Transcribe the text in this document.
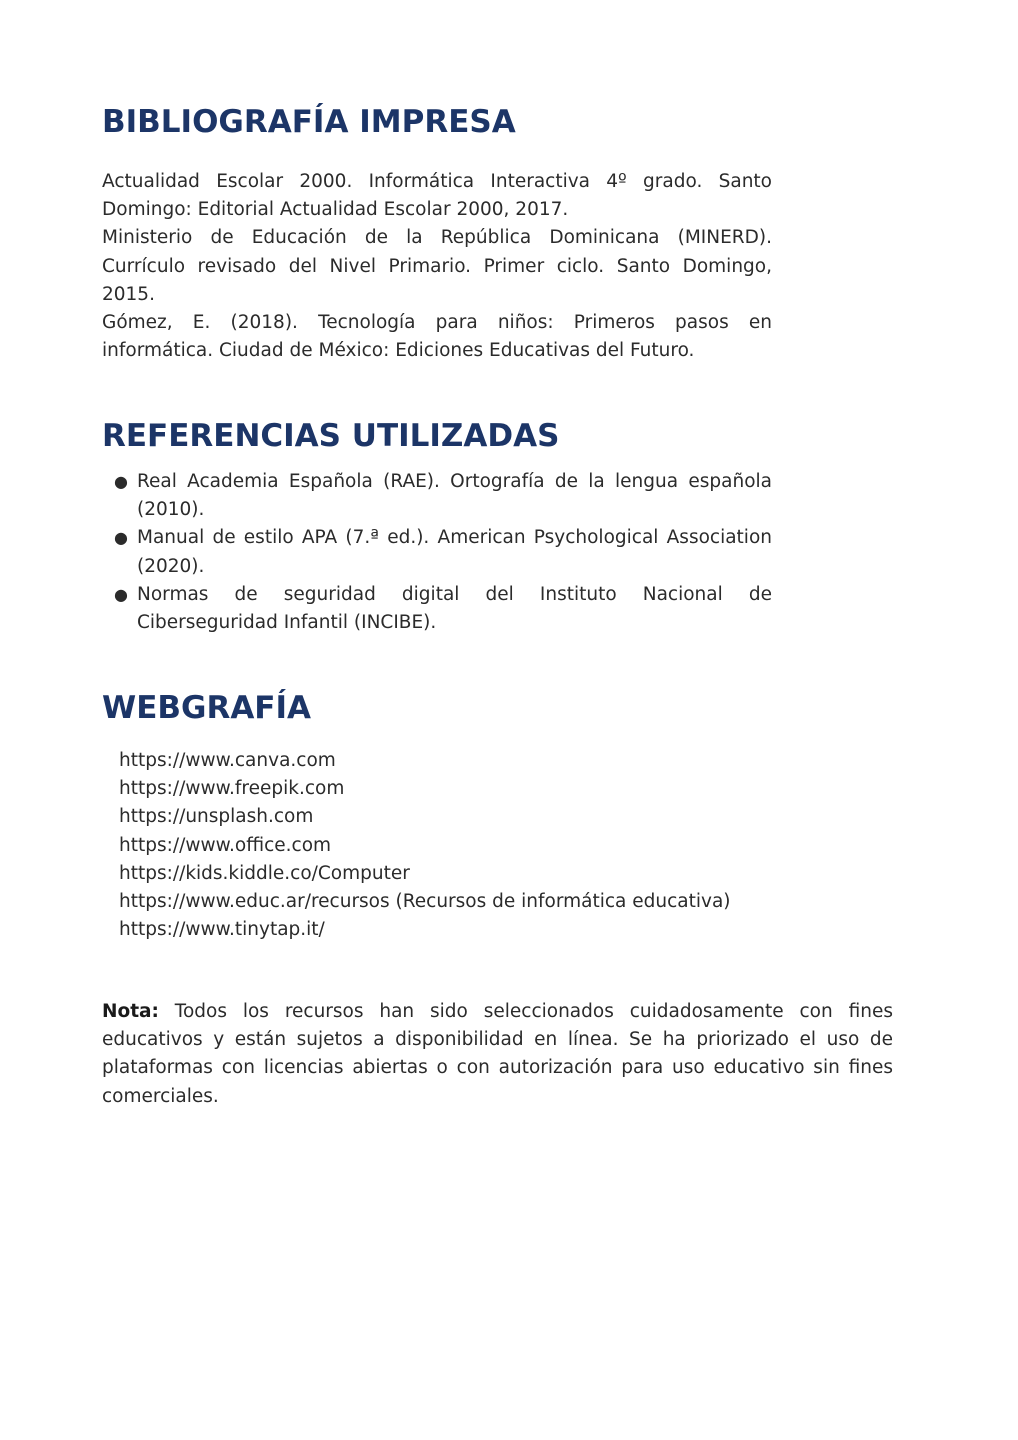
BIBLIOGRAFÍA IMPRESA
Actualidad Escolar 2000. Informática Interactiva 4º grado. Santo Domingo: Editorial Actualidad Escolar 2000, 2017.
Ministerio de Educación de la República Dominicana (MINERD). Currículo revisado del Nivel Primario. Primer ciclo. Santo Domingo, 2015.
Gómez, E. (2018). Tecnología para niños: Primeros pasos en informática. Ciudad de México: Ediciones Educativas del Futuro.
REFERENCIAS UTILIZADAS
● Real Academia Española (RAE). Ortografía de la lengua española (2010).
● Manual de estilo APA (7.ª ed.). American Psychological Association (2020).
● Normas de seguridad digital del Instituto Nacional de Ciberseguridad Infantil (INCIBE).
WEBGRAFÍA
https://www.canva.com
https://www.freepik.com
https://unsplash.com
https://www.office.com
https://kids.kiddle.co/Computer
https://www.educ.ar/recursos (Recursos de informática educativa)
https://www.tinytap.it/

Nota: Todos los recursos han sido seleccionados cuidadosamente con fines educativos y están sujetos a disponibilidad en línea. Se ha priorizado el uso de plataformas con licencias abiertas o con autorización para uso educativo sin fines comerciales.
